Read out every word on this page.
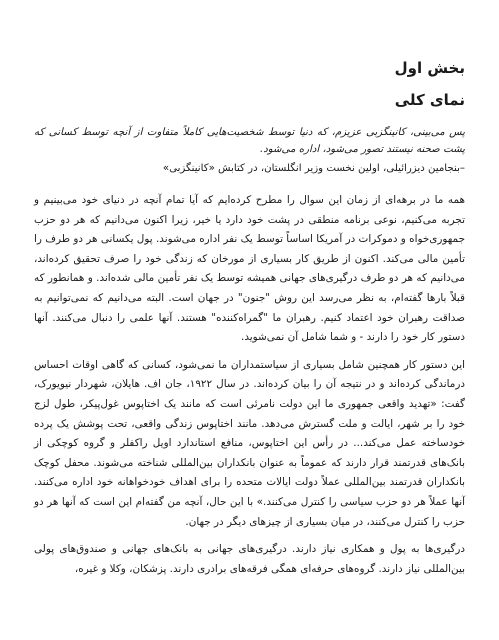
بخش اول
نمای کلی

پس می‌بینی، کانینگزبی عزیزم، که دنیا توسط شخصیت‌هایی کاملاً متفاوت از آنچه توسط کسانی که پشت صحنه نیستند تصور می‌شود، اداره می‌شود.

–بنجامین دیزرائیلی، اولین نخست وزیر انگلستان، در کتابش «کانینگزبی»

همه ما در برهه‌ای از زمان این سوال را مطرح کرده‌ایم که آیا تمام آنچه در دنیای خود می‌بینیم و تجربه می‌کنیم، نوعی برنامه منطقی در پشت خود دارد یا خیر، زیرا اکنون می‌دانیم که هر دو حزب جمهوری‌خواه و دموکرات در آمریکا اساساً توسط یک نفر اداره می‌شوند. پول یکسانی هر دو طرف را تأمین مالی می‌کند. اکنون از طریق کار بسیاری از مورخان که زندگی خود را صرف تحقیق کرده‌اند، می‌دانیم که هر دو طرف درگیری‌های جهانی همیشه توسط یک نفر تأمین مالی شده‌اند. و همانطور که قبلاً بارها گفته‌ام، به نظر می‌رسد این روش "جنون" در جهان است. البته می‌دانیم که نمی‌توانیم به صداقت رهبران خود اعتماد کنیم. رهبران ما "گمراه‌کننده" هستند. آنها علمی را دنبال می‌کنند. آنها دستور کار خود را دارند - و شما شامل آن نمی‌شوید.

این دستور کار همچنین شامل بسیاری از سیاستمداران ما نمی‌شود، کسانی که گاهی اوقات احساس درماندگی کرده‌اند و در نتیجه آن را بیان کرده‌اند. در سال ۱۹۲۲، جان اف. هایلان، شهردار نیویورک، گفت: «تهدید واقعی جمهوری ما این دولت نامرئی است که مانند یک اختاپوس غول‌پیکر، طول لزج خود را بر شهر، ایالت و ملت گسترش می‌دهد. مانند اختاپوس زندگی واقعی، تحت پوشش یک پرده خودساخته عمل می‌کند... در رأس این اختاپوس، منافع استاندارد اویل راکفلر و گروه کوچکی از بانک‌های قدرتمند قرار دارند که عموماً به عنوان بانکداران بین‌المللی شناخته می‌شوند. محفل کوچک بانکداران قدرتمند بین‌المللی عملاً دولت ایالات متحده را برای اهداف خودخواهانه خود اداره می‌کنند. آنها عملاً هر دو حزب سیاسی را کنترل می‌کنند.» با این حال، آنچه من گفته‌ام این است که آنها هر دو حزب را کنترل می‌کنند، در میان بسیاری از چیزهای دیگر در جهان.

درگیری‌ها به پول و همکاری نیاز دارند. درگیری‌های جهانی به بانک‌های جهانی و صندوق‌های پولی بین‌المللی نیاز دارند. گروه‌های حرفه‌ای همگی فرقه‌های برادری دارند. پزشکان، وکلا و غیره،
